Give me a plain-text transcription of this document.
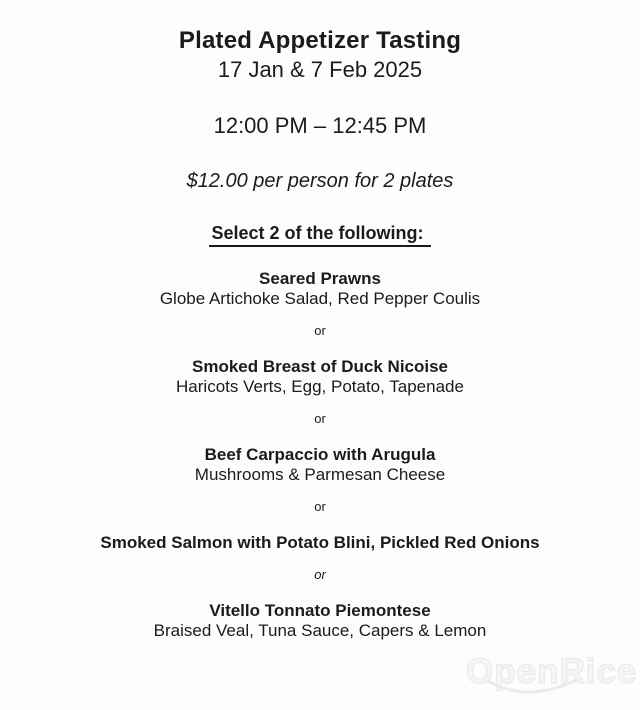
Plated Appetizer Tasting
17 Jan & 7 Feb 2025
12:00 PM – 12:45 PM
$12.00 per person for 2 plates
Select 2 of the following:
Seared Prawns
Globe Artichoke Salad, Red Pepper Coulis
or
Smoked Breast of Duck Nicoise
Haricots Verts, Egg, Potato, Tapenade
or
Beef Carpaccio with Arugula
Mushrooms & Parmesan Cheese
or
Smoked Salmon with Potato Blini, Pickled Red Onions
or
Vitello Tonnato Piemontese
Braised Veal, Tuna Sauce, Capers & Lemon
OpenRice
